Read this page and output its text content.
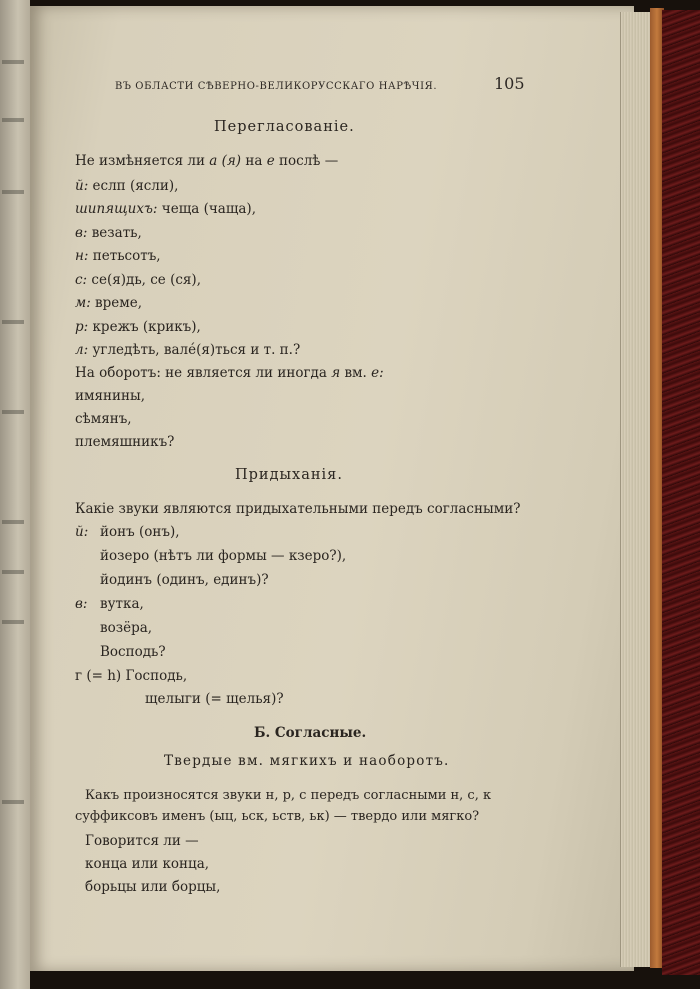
ВЪ ОБЛАСТИ СѢВЕРНО-ВЕЛИКОРУССКАГО НАРѢЧІЯ.	105
Перегласованіе.
Не измѣняется ли а (я) на е послѣ —
й: еслп (ясли),
шипящихъ: чеща (чаща),
в: везать,
н: петьсотъ,
с: се(я)дь, се (ся),
м: време,
р: крежъ (крикъ),
л: угледѣть, валé(я)ться и т. п.?
На оборотъ: не является ли иногда я вм. е:
имянины,
сѣмянъ,
племяшникъ?
Придыханія.
Какіе звуки являются придыхательными передъ согласными?
й: йонъ (онъ),
йозеро (нѣтъ ли формы — кзеро?),
йодинъ (одинъ, единъ)?
в: вутка,
возёра,
Восподь?
г (= h) Господь,
щелыги (= щелья)?
Б. Согласные.
Твердые вм. мягкихъ и наоборотъ.
Какъ произносятся звуки н, р, с передъ согласными н, с, к
суффиксовъ именъ (ыц, ьск, ьств, ьк) — твердо или мягко?
Говорится ли —
конца или концa,
борьцы или борцы,
